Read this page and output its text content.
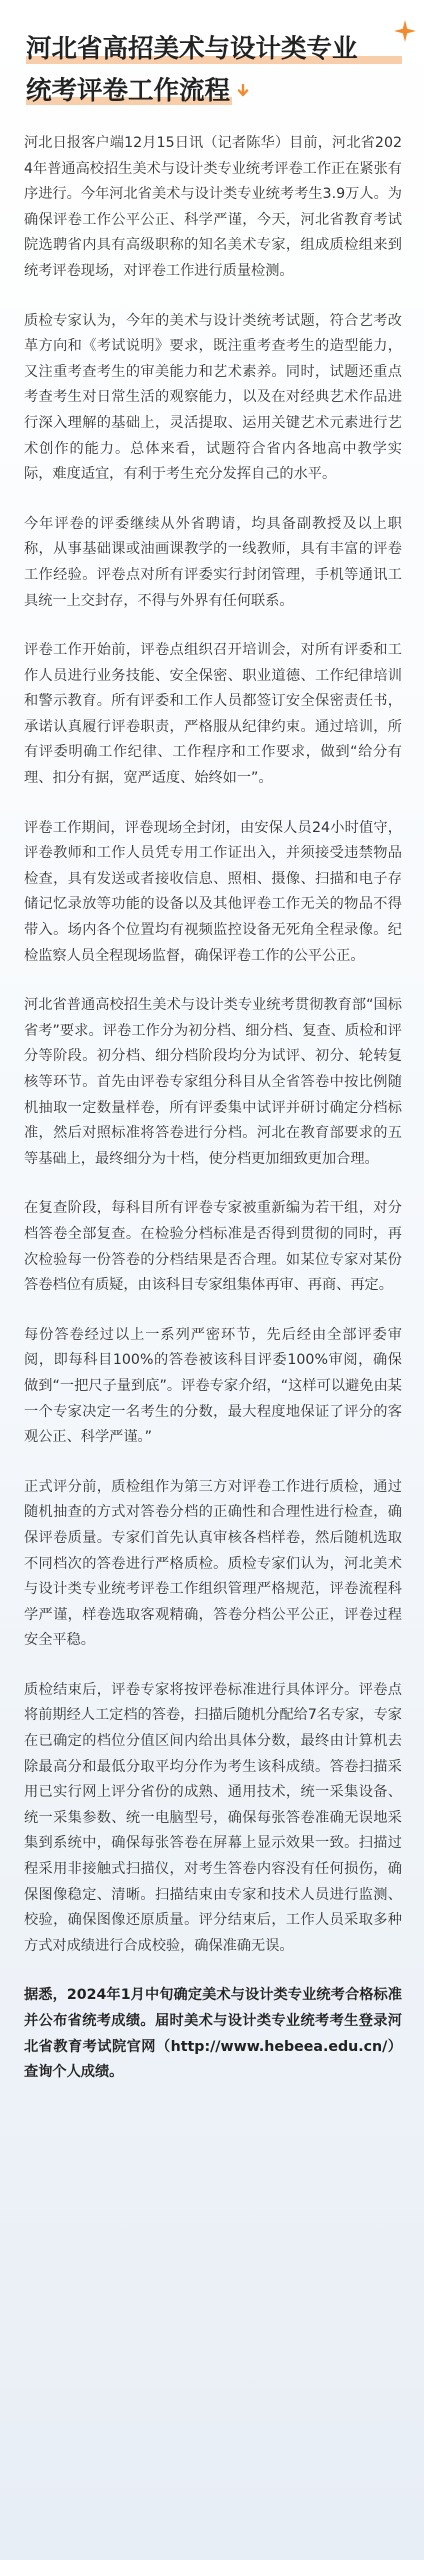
河北省高招美术与设计类专业
统考评卷工作流程

河北日报客户端12月15日讯（记者陈华）目前，河北省2024年普通高校招生美术与设计类专业统考评卷工作正在紧张有序进行。今年河北省美术与设计类专业统考考生3.9万人。为确保评卷工作公平公正、科学严谨，今天，河北省教育考试院选聘省内具有高级职称的知名美术专家，组成质检组来到统考评卷现场，对评卷工作进行质量检测。

质检专家认为，今年的美术与设计类统考试题，符合艺考改革方向和《考试说明》要求，既注重考查考生的造型能力，又注重考查考生的审美能力和艺术素养。同时，试题还重点考查考生对日常生活的观察能力，以及在对经典艺术作品进行深入理解的基础上，灵活提取、运用关键艺术元素进行艺术创作的能力。总体来看，试题符合省内各地高中教学实际，难度适宜，有利于考生充分发挥自己的水平。

今年评卷的评委继续从外省聘请，均具备副教授及以上职称，从事基础课或油画课教学的一线教师，具有丰富的评卷工作经验。评卷点对所有评委实行封闭管理，手机等通讯工具统一上交封存，不得与外界有任何联系。

评卷工作开始前，评卷点组织召开培训会，对所有评委和工作人员进行业务技能、安全保密、职业道德、工作纪律培训和警示教育。所有评委和工作人员都签订安全保密责任书，承诺认真履行评卷职责，严格服从纪律约束。通过培训，所有评委明确工作纪律、工作程序和工作要求，做到“给分有理、扣分有据，宽严适度、始终如一”。

评卷工作期间，评卷现场全封闭，由安保人员24小时值守，评卷教师和工作人员凭专用工作证出入，并须接受违禁物品检查，具有发送或者接收信息、照相、摄像、扫描和电子存储记忆录放等功能的设备以及其他评卷工作无关的物品不得带入。场内各个位置均有视频监控设备无死角全程录像。纪检监察人员全程现场监督，确保评卷工作的公平公正。

河北省普通高校招生美术与设计类专业统考贯彻教育部“国标省考”要求。评卷工作分为初分档、细分档、复查、质检和评分等阶段。初分档、细分档阶段均分为试评、初分、轮转复核等环节。首先由评卷专家组分科目从全省答卷中按比例随机抽取一定数量样卷，所有评委集中试评并研讨确定分档标准，然后对照标准将答卷进行分档。河北在教育部要求的五等基础上，最终细分为十档，使分档更加细致更加合理。

在复查阶段，每科目所有评卷专家被重新编为若干组，对分档答卷全部复查。在检验分档标准是否得到贯彻的同时，再次检验每一份答卷的分档结果是否合理。如某位专家对某份答卷档位有质疑，由该科目专家组集体再审、再商、再定。

每份答卷经过以上一系列严密环节，先后经由全部评委审阅，即每科目100%的答卷被该科目评委100%审阅，确保做到“一把尺子量到底”。评卷专家介绍，“这样可以避免由某一个专家决定一名考生的分数，最大程度地保证了评分的客观公正、科学严谨。”

正式评分前，质检组作为第三方对评卷工作进行质检，通过随机抽查的方式对答卷分档的正确性和合理性进行检查，确保评卷质量。专家们首先认真审核各档样卷，然后随机选取不同档次的答卷进行严格质检。质检专家们认为，河北美术与设计类专业统考评卷工作组织管理严格规范，评卷流程科学严谨，样卷选取客观精确，答卷分档公平公正，评卷过程安全平稳。

质检结束后，评卷专家将按评卷标准进行具体评分。评卷点将前期经人工定档的答卷，扫描后随机分配给7名专家，专家在已确定的档位分值区间内给出具体分数，最终由计算机去除最高分和最低分取平均分作为考生该科成绩。答卷扫描采用已实行网上评分省份的成熟、通用技术，统一采集设备、统一采集参数、统一电脑型号，确保每张答卷准确无误地采集到系统中，确保每张答卷在屏幕上显示效果一致。扫描过程采用非接触式扫描仪，对考生答卷内容没有任何损伤，确保图像稳定、清晰。扫描结束由专家和技术人员进行监测、校验，确保图像还原质量。评分结束后，工作人员采取多种方式对成绩进行合成校验，确保准确无误。

据悉，2024年1月中旬确定美术与设计类专业统考合格标准并公布省统考成绩。届时美术与设计类专业统考考生登录河北省教育考试院官网（http://www.hebeea.edu.cn/）查询个人成绩。
